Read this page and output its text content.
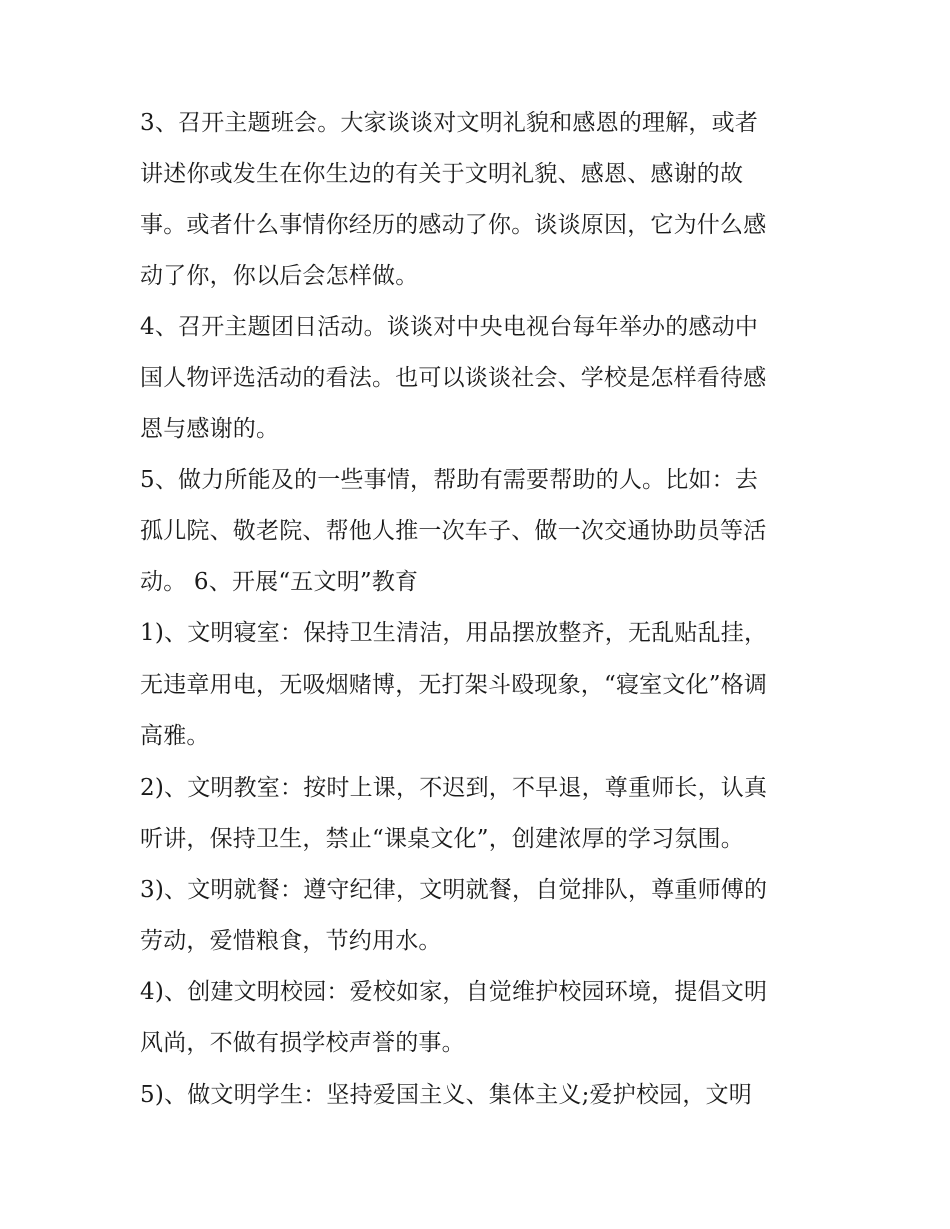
3、召开主题班会。大家谈谈对文明礼貌和感恩的理解，或者
讲述你或发生在你生边的有关于文明礼貌、感恩、感谢的故
事。或者什么事情你经历的感动了你。谈谈原因，它为什么感
动了你，你以后会怎样做。
4、召开主题团日活动。谈谈对中央电视台每年举办的感动中
国人物评选活动的看法。也可以谈谈社会、学校是怎样看待感
恩与感谢的。
5、做力所能及的一些事情，帮助有需要帮助的人。比如：去
孤儿院、敬老院、帮他人推一次车子、做一次交通协助员等活
动。 6、开展“五文明”教育
1)、文明寝室：保持卫生清洁，用品摆放整齐，无乱贴乱挂，
无违章用电，无吸烟赌博，无打架斗殴现象，“寝室文化”格调
高雅。
2)、文明教室：按时上课，不迟到，不早退，尊重师长，认真
听讲，保持卫生，禁止“课桌文化”，创建浓厚的学习氛围。
3)、文明就餐：遵守纪律，文明就餐，自觉排队，尊重师傅的
劳动，爱惜粮食，节约用水。
4)、创建文明校园：爱校如家，自觉维护校园环境，提倡文明
风尚，不做有损学校声誉的事。
5)、做文明学生：坚持爱国主义、集体主义;爱护校园，文明
